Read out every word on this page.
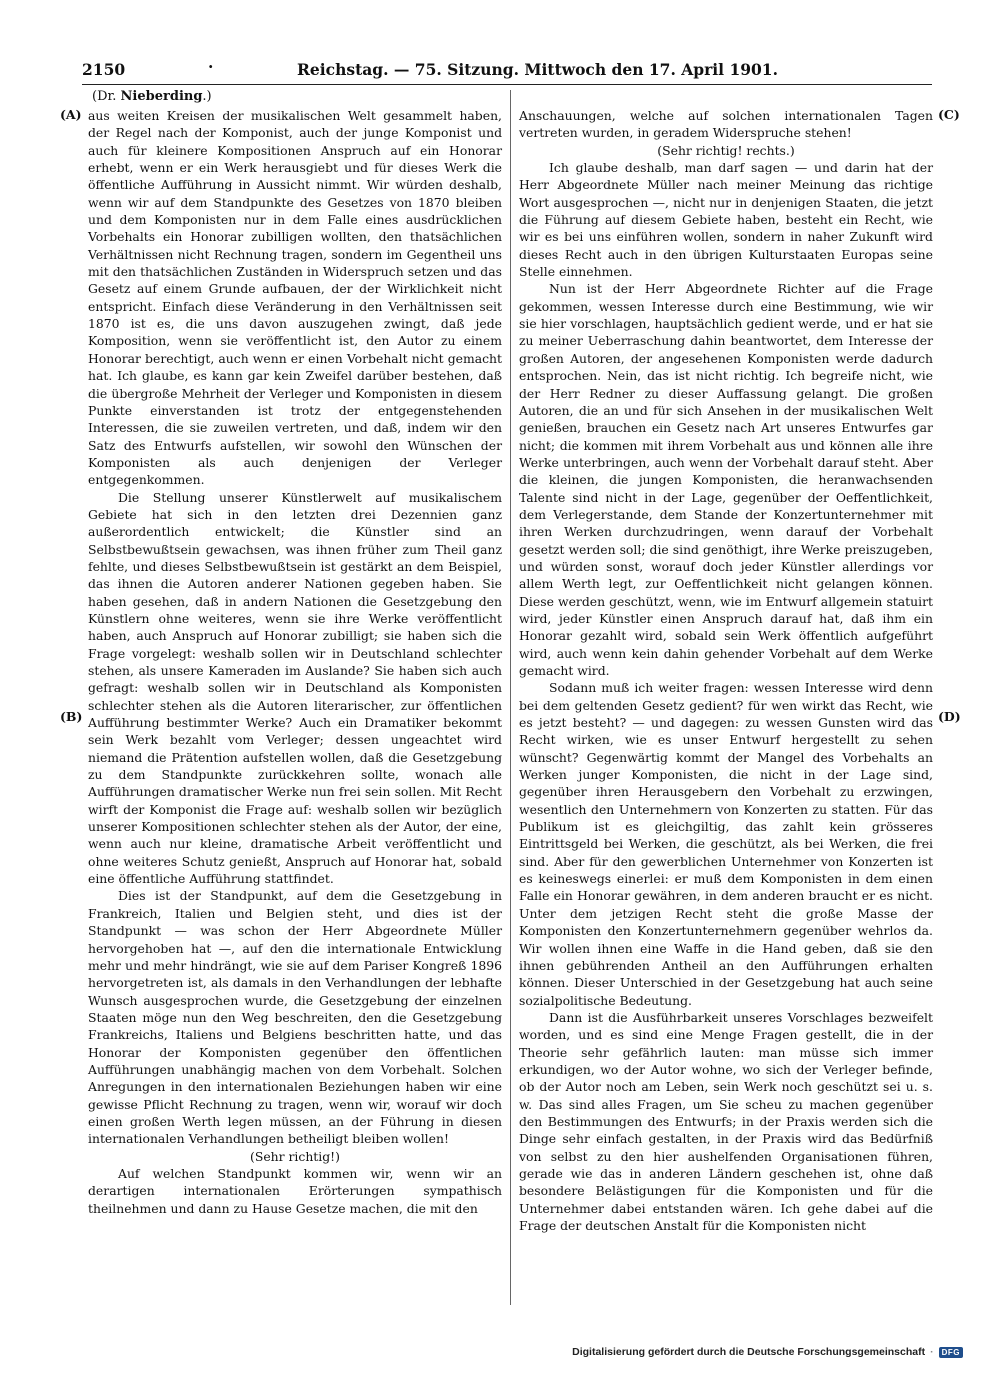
2150	·	Reichstag. — 75. Sitzung. Mittwoch den 17. April 1901.
(Dr. Nieberding.)
(A)
(B)
(C)
(D)

aus weiten Kreisen der musikalischen Welt gesammelt haben, der Regel nach der Komponist, auch der junge Komponist und auch für kleinere Kompositionen Anspruch auf ein Honorar erhebt, wenn er ein Werk herausgiebt und für dieses Werk die öffentliche Aufführung in Aussicht nimmt. Wir würden deshalb, wenn wir auf dem Standpunkte des Gesetzes von 1870 bleiben und dem Komponisten nur in dem Falle eines ausdrücklichen Vorbehalts ein Honorar zubilligen wollten, den thatsächlichen Verhältnissen nicht Rechnung tragen, sondern im Gegentheil uns mit den thatsächlichen Zuständen in Widerspruch setzen und das Gesetz auf einem Grunde aufbauen, der der Wirklichkeit nicht entspricht. Einfach diese Veränderung in den Verhältnissen seit 1870 ist es, die uns davon auszugehen zwingt, daß jede Komposition, wenn sie veröffentlicht ist, den Autor zu einem Honorar berechtigt, auch wenn er einen Vorbehalt nicht gemacht hat. Ich glaube, es kann gar kein Zweifel darüber bestehen, daß die übergroße Mehrheit der Verleger und Komponisten in diesem Punkte einverstanden ist trotz der entgegenstehenden Interessen, die sie zuweilen vertreten, und daß, indem wir den Satz des Entwurfs aufstellen, wir sowohl den Wünschen der Komponisten als auch denjenigen der Verleger entgegenkommen.

Die Stellung unserer Künstlerwelt auf musikalischem Gebiete hat sich in den letzten drei Dezennien ganz außerordentlich entwickelt; die Künstler sind an Selbstbewußtsein gewachsen, was ihnen früher zum Theil ganz fehlte, und dieses Selbstbewußtsein ist gestärkt an dem Beispiel, das ihnen die Autoren anderer Nationen gegeben haben. Sie haben gesehen, daß in andern Nationen die Gesetzgebung den Künstlern ohne weiteres, wenn sie ihre Werke veröffentlicht haben, auch Anspruch auf Honorar zubilligt; sie haben sich die Frage vorgelegt: weshalb sollen wir in Deutschland schlechter stehen, als unsere Kameraden im Auslande? Sie haben sich auch gefragt: weshalb sollen wir in Deutschland als Komponisten schlechter stehen als die Autoren literarischer, zur öffentlichen Aufführung bestimmter Werke? Auch ein Dramatiker bekommt sein Werk bezahlt vom Verleger; dessen ungeachtet wird niemand die Prätention aufstellen wollen, daß die Gesetzgebung zu dem Standpunkte zurückkehren sollte, wonach alle Aufführungen dramatischer Werke nun frei sein sollen. Mit Recht wirft der Komponist die Frage auf: weshalb sollen wir bezüglich unserer Kompositionen schlechter stehen als der Autor, der eine, wenn auch nur kleine, dramatische Arbeit veröffentlicht und ohne weiteres Schutz genießt, Anspruch auf Honorar hat, sobald eine öffentliche Aufführung stattfindet.

Dies ist der Standpunkt, auf dem die Gesetzgebung in Frankreich, Italien und Belgien steht, und dies ist der Standpunkt — was schon der Herr Abgeordnete Müller hervorgehoben hat —, auf den die internationale Entwicklung mehr und mehr hindrängt, wie sie auf dem Pariser Kongreß 1896 hervorgetreten ist, als damals in den Verhandlungen der lebhafte Wunsch ausgesprochen wurde, die Gesetzgebung der einzelnen Staaten möge nun den Weg beschreiten, den die Gesetzgebung Frankreichs, Italiens und Belgiens beschritten hatte, und das Honorar der Komponisten gegenüber den öffentlichen Aufführungen unabhängig machen von dem Vorbehalt. Solchen Anregungen in den internationalen Beziehungen haben wir eine gewisse Pflicht Rechnung zu tragen, wenn wir, worauf wir doch einen großen Werth legen müssen, an der Führung in diesen internationalen Verhandlungen betheiligt bleiben wollen!

(Sehr richtig!)

Auf welchen Standpunkt kommen wir, wenn wir an derartigen internationalen Erörterungen sympathisch theilnehmen und dann zu Hause Gesetze machen, die mit den

Anschauungen, welche auf solchen internationalen Tagen vertreten wurden, in geradem Widerspruche stehen!

(Sehr richtig! rechts.)

Ich glaube deshalb, man darf sagen — und darin hat der Herr Abgeordnete Müller nach meiner Meinung das richtige Wort ausgesprochen —, nicht nur in denjenigen Staaten, die jetzt die Führung auf diesem Gebiete haben, besteht ein Recht, wie wir es bei uns einführen wollen, sondern in naher Zukunft wird dieses Recht auch in den übrigen Kulturstaaten Europas seine Stelle einnehmen.

Nun ist der Herr Abgeordnete Richter auf die Frage gekommen, wessen Interesse durch eine Bestimmung, wie wir sie hier vorschlagen, hauptsächlich gedient werde, und er hat sie zu meiner Ueberraschung dahin beantwortet, dem Interesse der großen Autoren, der angesehenen Komponisten werde dadurch entsprochen. Nein, das ist nicht richtig. Ich begreife nicht, wie der Herr Redner zu dieser Auffassung gelangt. Die großen Autoren, die an und für sich Ansehen in der musikalischen Welt genießen, brauchen ein Gesetz nach Art unseres Entwurfes gar nicht; die kommen mit ihrem Vorbehalt aus und können alle ihre Werke unterbringen, auch wenn der Vorbehalt darauf steht. Aber die kleinen, die jungen Komponisten, die heranwachsenden Talente sind nicht in der Lage, gegenüber der Oeffentlichkeit, dem Verlegerstande, dem Stande der Konzertunternehmer mit ihren Werken durchzudringen, wenn darauf der Vorbehalt gesetzt werden soll; die sind genöthigt, ihre Werke preiszugeben, und würden sonst, worauf doch jeder Künstler allerdings vor allem Werth legt, zur Oeffentlichkeit nicht gelangen können. Diese werden geschützt, wenn, wie im Entwurf allgemein statuirt wird, jeder Künstler einen Anspruch darauf hat, daß ihm ein Honorar gezahlt wird, sobald sein Werk öffentlich aufgeführt wird, auch wenn kein dahin gehender Vorbehalt auf dem Werke gemacht wird.

Sodann muß ich weiter fragen: wessen Interesse wird denn bei dem geltenden Gesetz gedient? für wen wirkt das Recht, wie es jetzt besteht? — und dagegen: zu wessen Gunsten wird das Recht wirken, wie es unser Entwurf hergestellt zu sehen wünscht? Gegenwärtig kommt der Mangel des Vorbehalts an Werken junger Komponisten, die nicht in der Lage sind, gegenüber ihren Herausgebern den Vorbehalt zu erzwingen, wesentlich den Unternehmern von Konzerten zu statten. Für das Publikum ist es gleichgiltig, das zahlt kein grösseres Eintrittsgeld bei Werken, die geschützt, als bei Werken, die frei sind. Aber für den gewerblichen Unternehmer von Konzerten ist es keineswegs einerlei: er muß dem Komponisten in dem einen Falle ein Honorar gewähren, in dem anderen braucht er es nicht. Unter dem jetzigen Recht steht die große Masse der Komponisten den Konzertunternehmern gegenüber wehrlos da. Wir wollen ihnen eine Waffe in die Hand geben, daß sie den ihnen gebührenden Antheil an den Aufführungen erhalten können. Dieser Unterschied in der Gesetzgebung hat auch seine sozialpolitische Bedeutung.

Dann ist die Ausführbarkeit unseres Vorschlages bezweifelt worden, und es sind eine Menge Fragen gestellt, die in der Theorie sehr gefährlich lauten: man müsse sich immer erkundigen, wo der Autor wohne, wo sich der Verleger befinde, ob der Autor noch am Leben, sein Werk noch geschützt sei u. s. w. Das sind alles Fragen, um Sie scheu zu machen gegenüber den Bestimmungen des Entwurfs; in der Praxis werden sich die Dinge sehr einfach gestalten, in der Praxis wird das Bedürfniß von selbst zu den hier aushelfenden Organisationen führen, gerade wie das in anderen Ländern geschehen ist, ohne daß besondere Belästigungen für die Komponisten und für die Unternehmer dabei entstanden wären. Ich gehe dabei auf die Frage der deutschen Anstalt für die Komponisten nicht

Digitalisierung gefördert durch die Deutsche Forschungsgemeinschaft ·	DFG
